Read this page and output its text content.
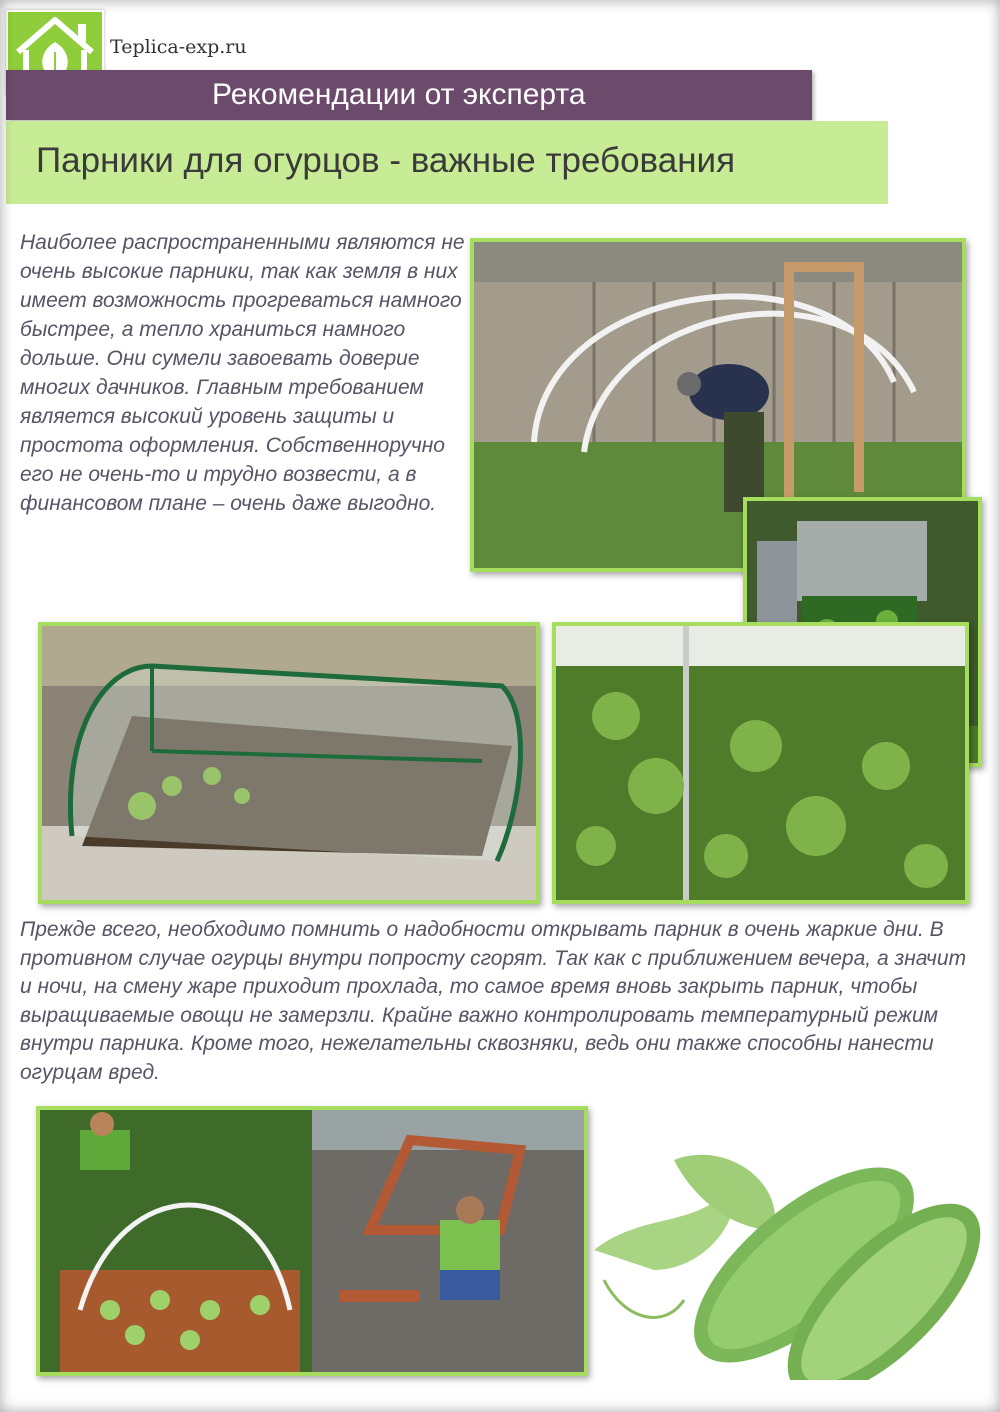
Teplica-exp.ru
Рекомендации от эксперта
Парники для огурцов - важные требования

Наиболее распространенными являются не очень высокие парники, так как земля в них имеет возможность прогреваться намного быстрее, а тепло храниться намного дольше. Они сумели завоевать доверие многих дачников. Главным требованием является высокий уровень защиты и простота оформления. Собственноручно его не очень-то и трудно возвести, а в финансовом плане – очень даже выгодно.

Прежде всего, необходимо помнить о надобности открывать парник в очень жаркие дни. В противном случае огурцы внутри попросту сгорят. Так как с приближением вечера, а значит и ночи, на смену жаре приходит прохлада, то самое время вновь закрыть парник, чтобы выращиваемые овощи не замерзли. Крайне важно контролировать температурный режим внутри парника. Кроме того, нежелательны сквозняки, ведь они также способны нанести огурцам вред.
